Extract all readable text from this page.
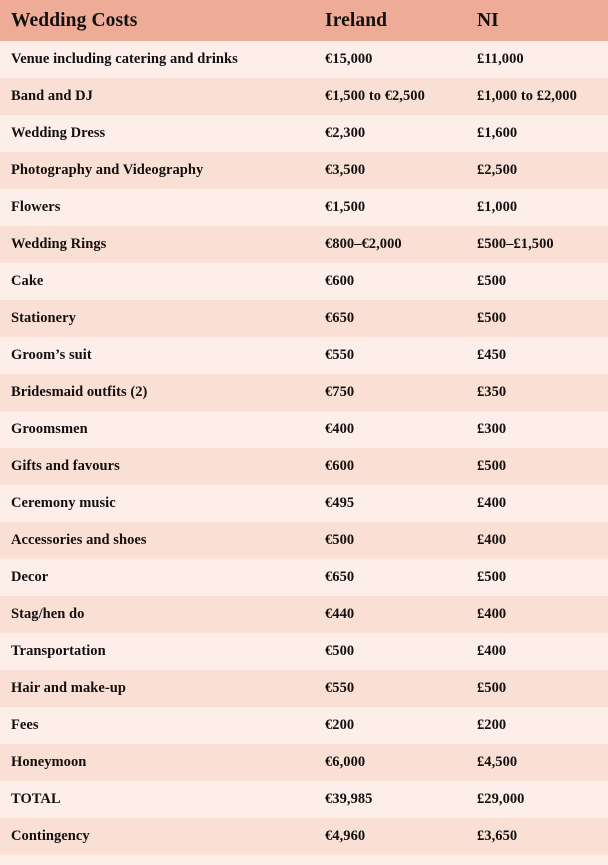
Wedding Costs	Ireland	NI
Venue including catering and drinks	€15,000	£11,000
Band and DJ	€1,500 to €2,500	£1,000 to £2,000
Wedding Dress	€2,300	£1,600
Photography and Videography	€3,500	£2,500
Flowers	€1,500	£1,000
Wedding Rings	€800–€2,000	£500–£1,500
Cake	€600	£500
Stationery	€650	£500
Groom’s suit	€550	£450
Bridesmaid outfits (2)	€750	£350
Groomsmen	€400	£300
Gifts and favours	€600	£500
Ceremony music	€495	£400
Accessories and shoes	€500	£400
Decor	€650	£500
Stag/hen do	€440	£400
Transportation	€500	£400
Hair and make-up	€550	£500
Fees	€200	£200
Honeymoon	€6,000	£4,500
TOTAL	€39,985	£29,000
Contingency	€4,960	£3,650
